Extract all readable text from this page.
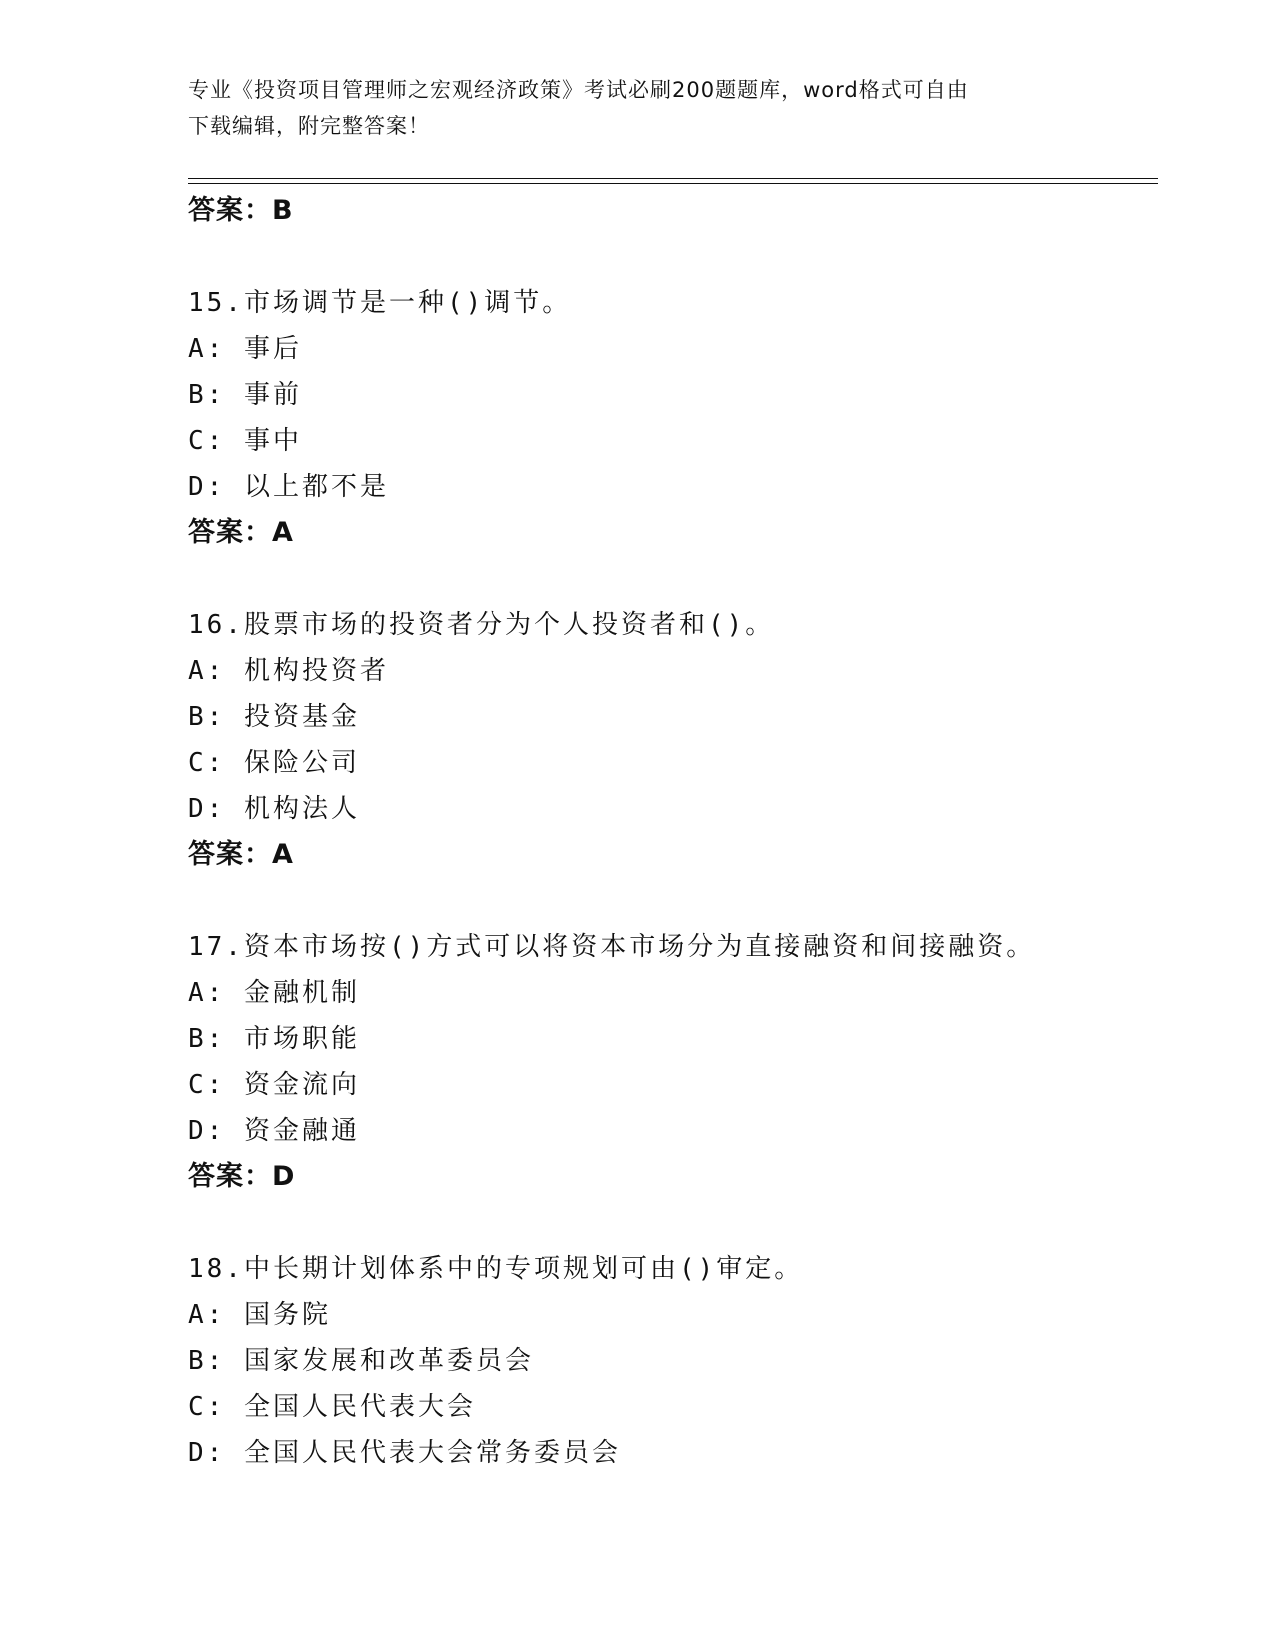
专业《投资项目管理师之宏观经济政策》考试必刷200题题库，word格式可自由
下载编辑，附完整答案！
答案：B
15.市场调节是一种()调节。
A: 事后
B: 事前
C: 事中
D: 以上都不是
答案：A
16.股票市场的投资者分为个人投资者和()。
A: 机构投资者
B: 投资基金
C: 保险公司
D: 机构法人
答案：A
17.资本市场按()方式可以将资本市场分为直接融资和间接融资。
A: 金融机制
B: 市场职能
C: 资金流向
D: 资金融通
答案：D
18.中长期计划体系中的专项规划可由()审定。
A: 国务院
B: 国家发展和改革委员会
C: 全国人民代表大会
D: 全国人民代表大会常务委员会
